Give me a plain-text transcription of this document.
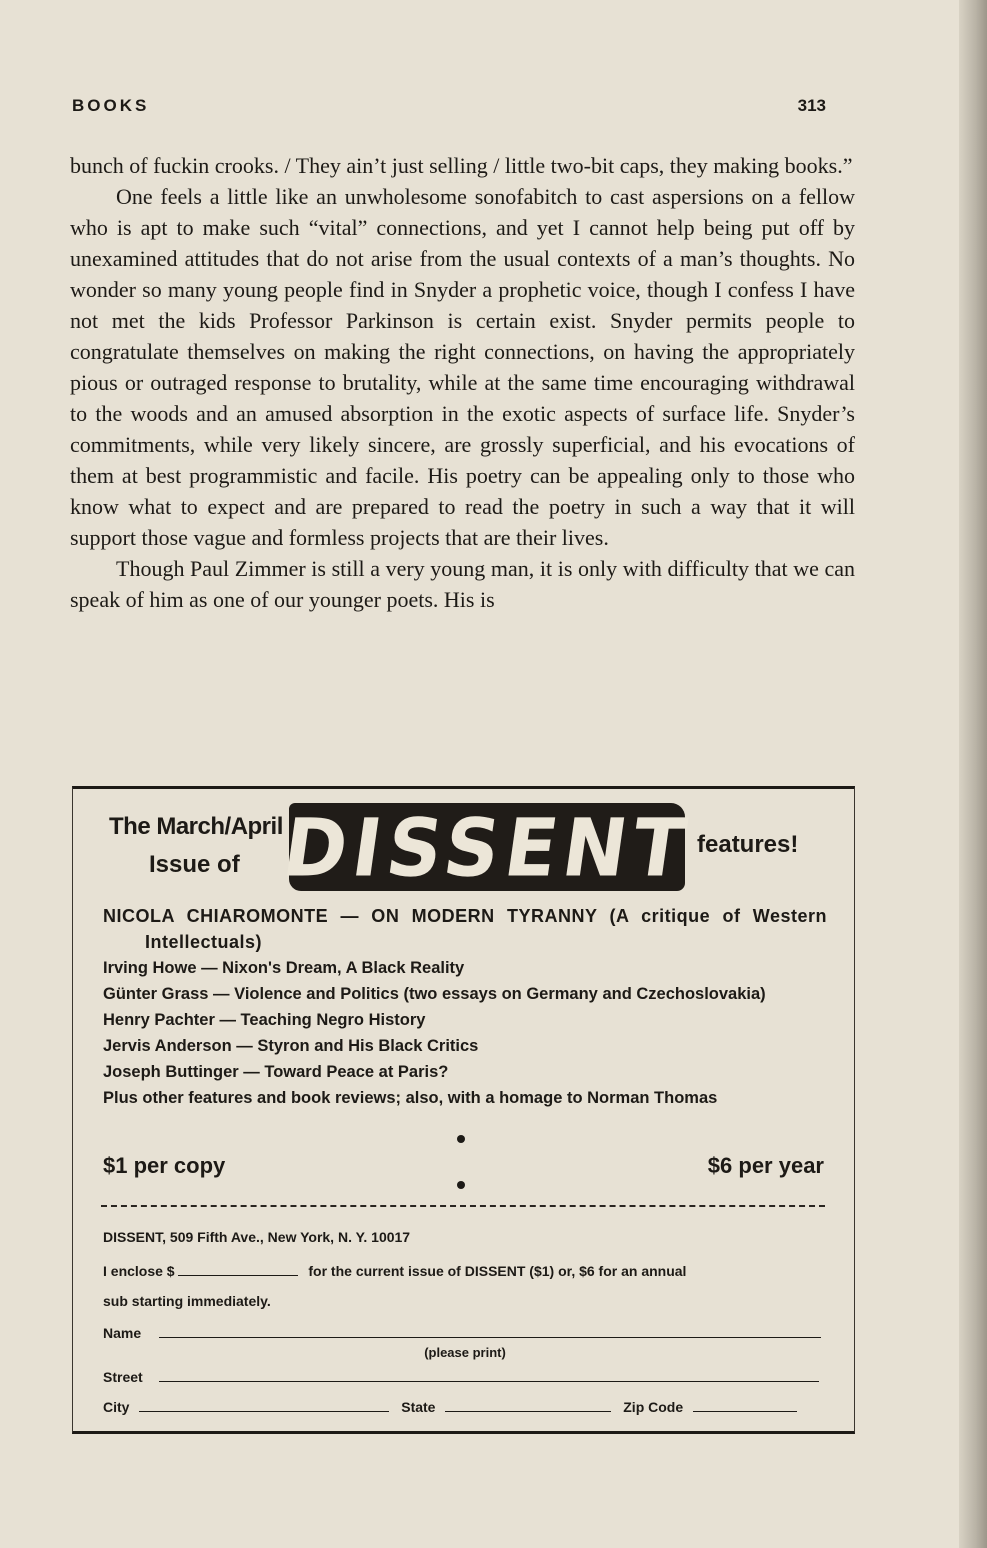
BOOKS	313

bunch of fuckin crooks. / They ain’t just selling / little two-bit caps, they making books.”

One feels a little like an unwholesome sonofabitch to cast aspersions on a fellow who is apt to make such “vital” connections, and yet I cannot help being put off by unexamined attitudes that do not arise from the usual contexts of a man’s thoughts. No wonder so many young people find in Snyder a prophetic voice, though I confess I have not met the kids Professor Parkinson is certain exist. Snyder permits people to congratulate themselves on making the right connections, on having the appropriately pious or outraged response to brutality, while at the same time encouraging withdrawal to the woods and an amused absorption in the exotic aspects of surface life. Snyder’s commitments, while very likely sincere, are grossly superficial, and his evocations of them at best programmistic and facile. His poetry can be appealing only to those who know what to expect and are prepared to read the poetry in such a way that it will support those vague and formless projects that are their lives.

Though Paul Zimmer is still a very young man, it is only with difficulty that we can speak of him as one of our younger poets. His is

The March/April
Issue of DISSENT features!
NICOLA CHIAROMONTE — ON MODERN TYRANNY (A critique of Western Intellectuals)
Irving Howe — Nixon's Dream, A Black Reality
Günter Grass — Violence and Politics (two essays on Germany and Czechoslovakia)
Henry Pachter — Teaching Negro History
Jervis Anderson — Styron and His Black Critics
Joseph Buttinger — Toward Peace at Paris?
Plus other features and book reviews; also, with a homage to Norman Thomas
$1 per copy	$6 per year
DISSENT, 509 Fifth Ave., New York, N. Y. 10017
I enclose $	for the current issue of DISSENT ($1) or, $6 for an annual
sub starting immediately.
Name
(please print)
Street
City	State	Zip Code
